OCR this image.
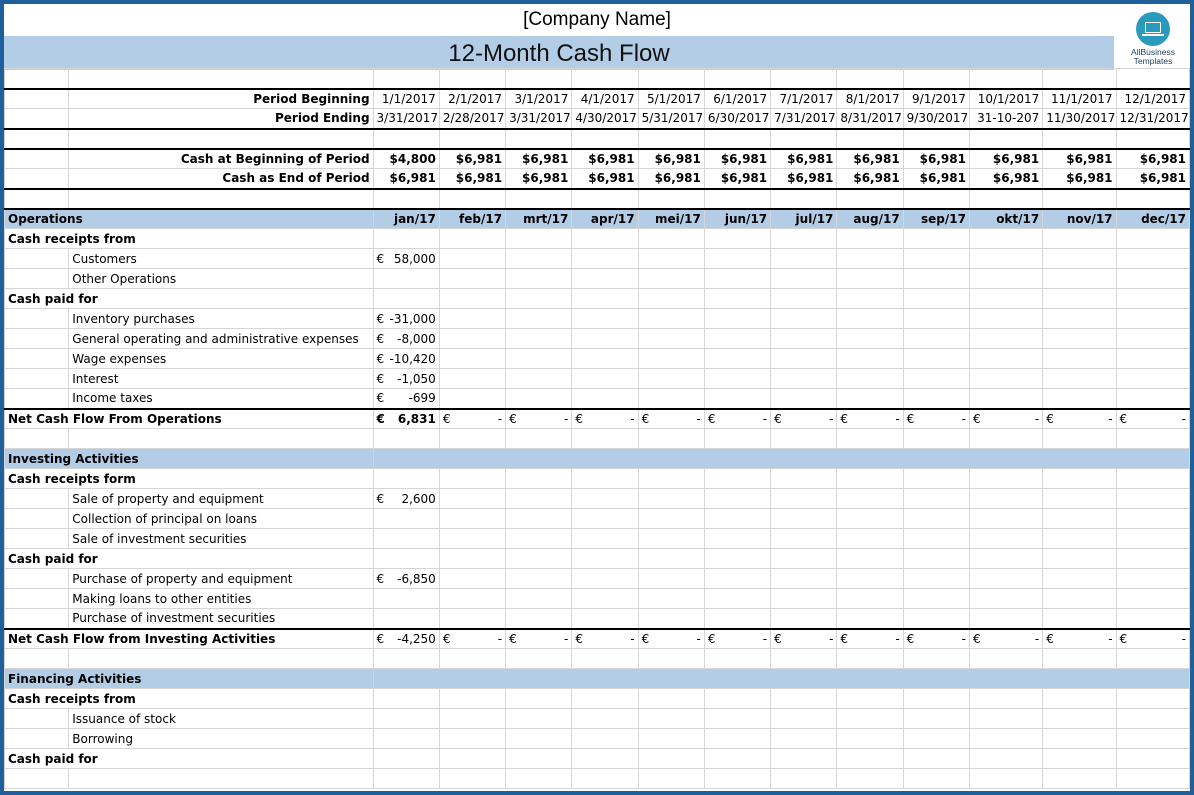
[Company Name]
12-Month Cash Flow	AllBusiness
Templates

	Period Beginning	1/1/2017	2/1/2017	3/1/2017	4/1/2017	5/1/2017	6/1/2017	7/1/2017	8/1/2017	9/1/2017	10/1/2017	11/1/2017	12/1/2017
	Period Ending	3/31/2017	2/28/2017	3/31/2017	4/30/2017	5/31/2017	6/30/2017	7/31/2017	8/31/2017	9/30/2017	31-10-207	11/30/2017	12/31/2017

	Cash at Beginning of Period	$4,800	$6,981	$6,981	$6,981	$6,981	$6,981	$6,981	$6,981	$6,981	$6,981	$6,981	$6,981
	Cash as End of Period	$6,981	$6,981	$6,981	$6,981	$6,981	$6,981	$6,981	$6,981	$6,981	$6,981	$6,981	$6,981

Operations		jan/17	feb/17	mrt/17	apr/17	mei/17	jun/17	jul/17	aug/17	sep/17	okt/17	nov/17	dec/17
Cash receipts from													
	Customers	€ 58,000											

	Other Operations												
Cash paid for													
	Inventory purchases	€ -31,000											

	General operating and administrative expenses	€ -8,000											

	Wage expenses	€ -10,420											

	Interest	€ -1,050											

	Income taxes	€ -699											

Net Cash Flow From Operations		€ 6,831	€ -	€ -	€ -	€ -	€ -	€ -	€ -	€ -	€ -	€ -	€ -

Investing Activities													
Cash receipts form													
	Sale of property and equipment	€ 2,600											

	Collection of principal on loans												
	Sale of investment securities												
Cash paid for													
	Purchase of property and equipment	€ -6,850											

	Making loans to other entities												
	Purchase of investment securities												
Net Cash Flow from Investing Activities		€ -4,250	€ -	€ -	€ -	€ -	€ -	€ -	€ -	€ -	€ -	€ -	€ -

Financing Activities													
Cash receipts from													
	Issuance of stock												
	Borrowing												
Cash paid for													
